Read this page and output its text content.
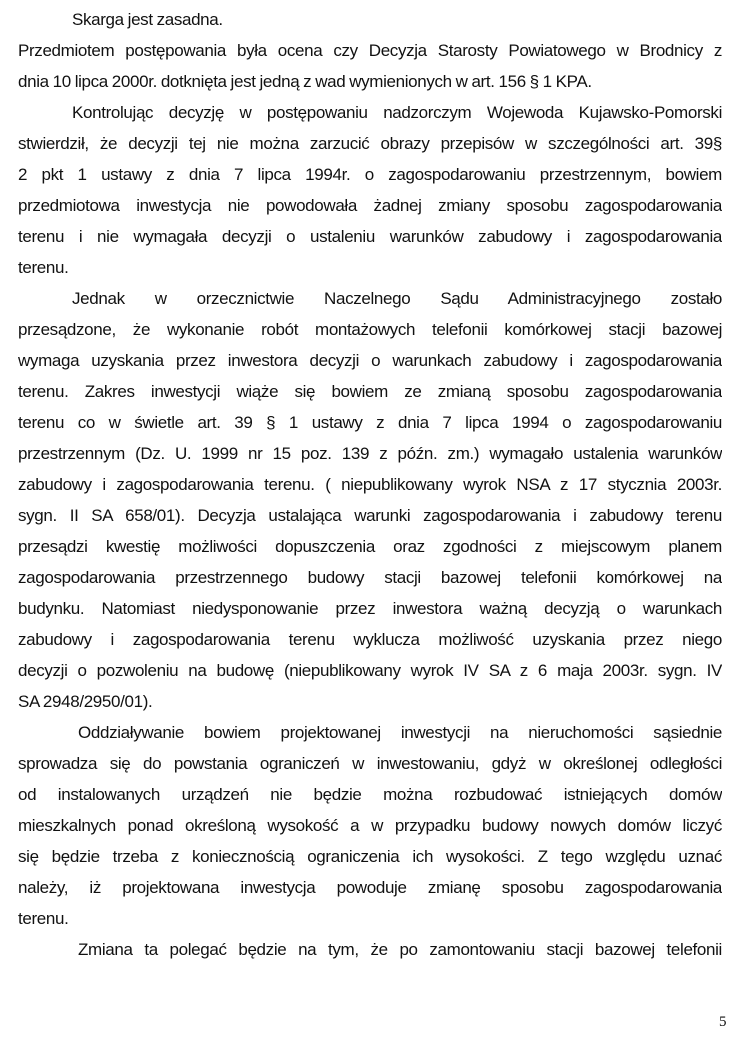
Skarga jest zasadna.
Przedmiotem postępowania była ocena czy Decyzja Starosty Powiatowego w Brodnicy z
dnia 10 lipca 2000r. dotknięta jest jedną z wad wymienionych w art. 156 § 1 KPA.
Kontrolując decyzję w postępowaniu nadzorczym Wojewoda Kujawsko-Pomorski
stwierdził, że decyzji tej nie można zarzucić obrazy przepisów w szczególności art. 39§
2 pkt 1 ustawy z dnia 7 lipca 1994r. o zagospodarowaniu przestrzennym, bowiem
przedmiotowa inwestycja nie powodowała żadnej zmiany sposobu zagospodarowania
terenu i nie wymagała decyzji o ustaleniu warunków zabudowy i zagospodarowania
terenu.
Jednak w orzecznictwie Naczelnego Sądu Administracyjnego zostało
przesądzone, że wykonanie robót montażowych telefonii komórkowej stacji bazowej
wymaga uzyskania przez inwestora decyzji o warunkach zabudowy i zagospodarowania
terenu. Zakres inwestycji wiąże się bowiem ze zmianą sposobu zagospodarowania
terenu co w świetle art. 39 § 1 ustawy z dnia 7 lipca 1994 o zagospodarowaniu
przestrzennym (Dz. U. 1999 nr 15 poz. 139 z późn. zm.) wymagało ustalenia warunków
zabudowy i zagospodarowania terenu. ( niepublikowany wyrok NSA z 17 stycznia 2003r.
sygn. II SA 658/01). Decyzja ustalająca warunki zagospodarowania i zabudowy terenu
przesądzi kwestię możliwości dopuszczenia oraz zgodności z miejscowym planem
zagospodarowania przestrzennego budowy stacji bazowej telefonii komórkowej na
budynku. Natomiast niedysponowanie przez inwestora ważną decyzją o warunkach
zabudowy i zagospodarowania terenu wyklucza możliwość uzyskania przez niego
decyzji o pozwoleniu na budowę (niepublikowany wyrok IV SA z 6 maja 2003r. sygn. IV
SA 2948/2950/01).
Oddziaływanie bowiem projektowanej inwestycji na nieruchomości sąsiednie
sprowadza się do powstania ograniczeń w inwestowaniu, gdyż w określonej odległości
od instalowanych urządzeń nie będzie można rozbudować istniejących domów
mieszkalnych ponad określoną wysokość a w przypadku budowy nowych domów liczyć
się będzie trzeba z koniecznością ograniczenia ich wysokości. Z tego względu uznać
należy, iż projektowana inwestycja powoduje zmianę sposobu zagospodarowania
terenu.
Zmiana ta polegać będzie na tym, że po zamontowaniu stacji bazowej telefonii
5
